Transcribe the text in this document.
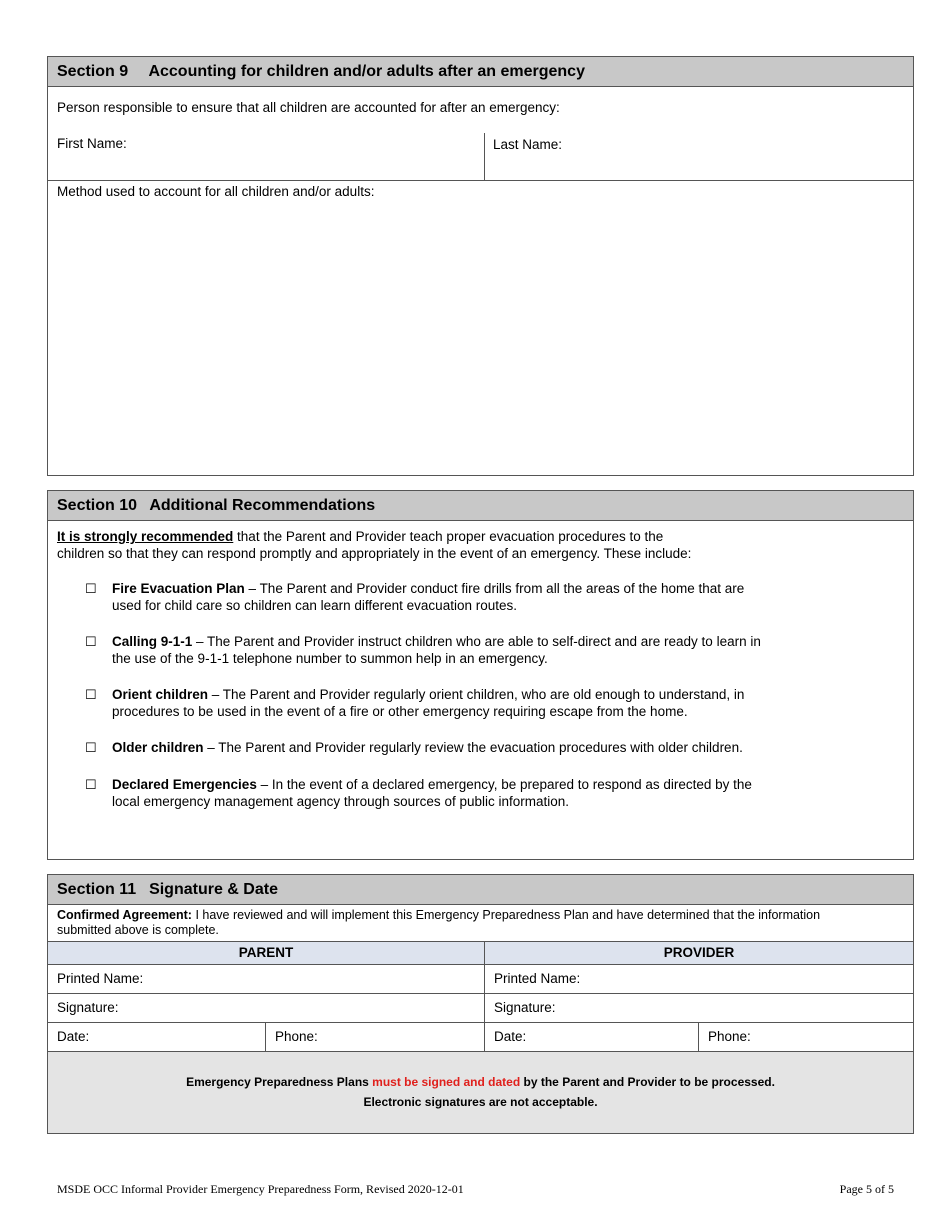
Section 9 Accounting for children and/or adults after an emergency
Person responsible to ensure that all children are accounted for after an emergency:
First Name:	Last Name:
Method used to account for all children and/or adults:
Section 10 Additional Recommendations
It is strongly recommended that the Parent and Provider teach proper evacuation procedures to the
children so that they can respond promptly and appropriately in the event of an emergency. These include:
☐ Fire Evacuation Plan – The Parent and Provider conduct fire drills from all the areas of the home that are
used for child care so children can learn different evacuation routes.
☐ Calling 9-1-1 – The Parent and Provider instruct children who are able to self-direct and are ready to learn in
the use of the 9-1-1 telephone number to summon help in an emergency.
☐ Orient children – The Parent and Provider regularly orient children, who are old enough to understand, in
procedures to be used in the event of a fire or other emergency requiring escape from the home.
☐ Older children – The Parent and Provider regularly review the evacuation procedures with older children.
☐ Declared Emergencies – In the event of a declared emergency, be prepared to respond as directed by the
local emergency management agency through sources of public information.
Section 11 Signature & Date
Confirmed Agreement: I have reviewed and will implement this Emergency Preparedness Plan and have determined that the information
submitted above is complete.
PARENT	PROVIDER
Printed Name:	Printed Name:
Signature:	Signature:
Date:	Phone:	Date:	Phone:
Emergency Preparedness Plans must be signed and dated by the Parent and Provider to be processed.
Electronic signatures are not acceptable.
MSDE OCC Informal Provider Emergency Preparedness Form, Revised 2020-12-01	Page 5 of 5
